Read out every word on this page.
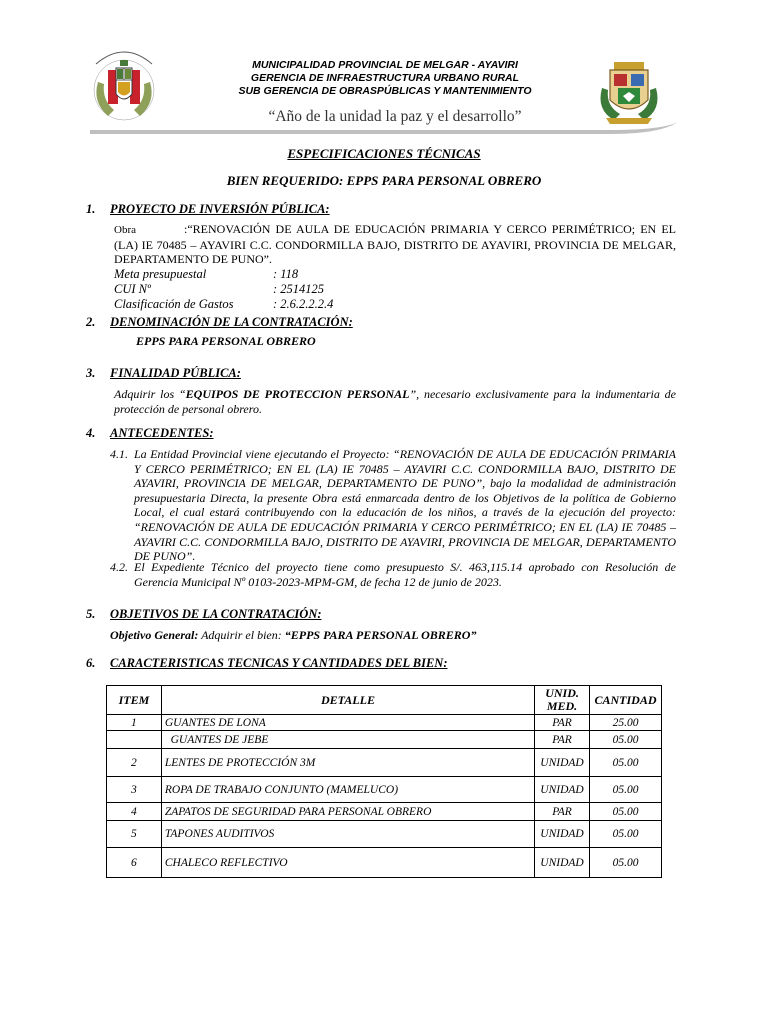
MUNICIPALIDAD PROVINCIAL DE MELGAR - AYAVIRI
GERENCIA DE INFRAESTRUCTURA URBANO RURAL
SUB GERENCIA DE OBRASPÚBLICAS Y MANTENIMIENTO
“Año de la unidad la paz y el desarrollo”
ESPECIFICACIONES TÉCNICAS
BIEN REQUERIDO: EPPS PARA PERSONAL OBRERO
1. PROYECTO DE INVERSIÓN PÚBLICA:
Obra	:“RENOVACIÓN DE AULA DE EDUCACIÓN PRIMARIA Y CERCO PERIMÉTRICO; EN EL (LA) IE 70485 – AYAVIRI C.C. CONDORMILLA BAJO, DISTRITO DE AYAVIRI, PROVINCIA DE MELGAR, DEPARTAMENTO DE PUNO”.
Meta presupuestal	: 118
CUI Nº	: 2514125
Clasificación de Gastos	: 2.6.2.2.2.4
2. DENOMINACIÓN DE LA CONTRATACIÓN:
EPPS PARA PERSONAL OBRERO
3. FINALIDAD PÚBLICA:
Adquirir los “EQUIPOS DE PROTECCION PERSONAL”, necesario exclusivamente para la indumentaria de protección de personal obrero.
4. ANTECEDENTES:
4.1. La Entidad Provincial viene ejecutando el Proyecto: “RENOVACIÓN DE AULA DE EDUCACIÓN PRIMARIA Y CERCO PERIMÉTRICO; EN EL (LA) IE 70485 – AYAVIRI C.C. CONDORMILLA BAJO, DISTRITO DE AYAVIRI, PROVINCIA DE MELGAR, DEPARTAMENTO DE PUNO”, bajo la modalidad de administración presupuestaria Directa, la presente Obra está enmarcada dentro de los Objetivos de la política de Gobierno Local, el cual estará contribuyendo con la educación de los niños, a través de la ejecución del proyecto: “RENOVACIÓN DE AULA DE EDUCACIÓN PRIMARIA Y CERCO PERIMÉTRICO; EN EL (LA) IE 70485 – AYAVIRI C.C. CONDORMILLA BAJO, DISTRITO DE AYAVIRI, PROVINCIA DE MELGAR, DEPARTAMENTO DE PUNO”.
4.2. El Expediente Técnico del proyecto tiene como presupuesto S/. 463,115.14 aprobado con Resolución de Gerencia Municipal Nº 0103-2023-MPM-GM, de fecha 12 de junio de 2023.
5. OBJETIVOS DE LA CONTRATACIÓN:
Objetivo General: Adquirir el bien: “EPPS PARA PERSONAL OBRERO”
6. CARACTERISTICAS TECNICAS Y CANTIDADES DEL BIEN:
ITEM	DETALLE	UNID. MED.	CANTIDAD
1	GUANTES DE LONA	PAR	25.00
	GUANTES DE JEBE	PAR	05.00
2	LENTES DE PROTECCIÓN 3M	UNIDAD	05.00
3	ROPA DE TRABAJO CONJUNTO (MAMELUCO)	UNIDAD	05.00
4	ZAPATOS DE SEGURIDAD PARA PERSONAL OBRERO	PAR	05.00
5	TAPONES AUDITIVOS	UNIDAD	05.00
6	CHALECO REFLECTIVO	UNIDAD	05.00
